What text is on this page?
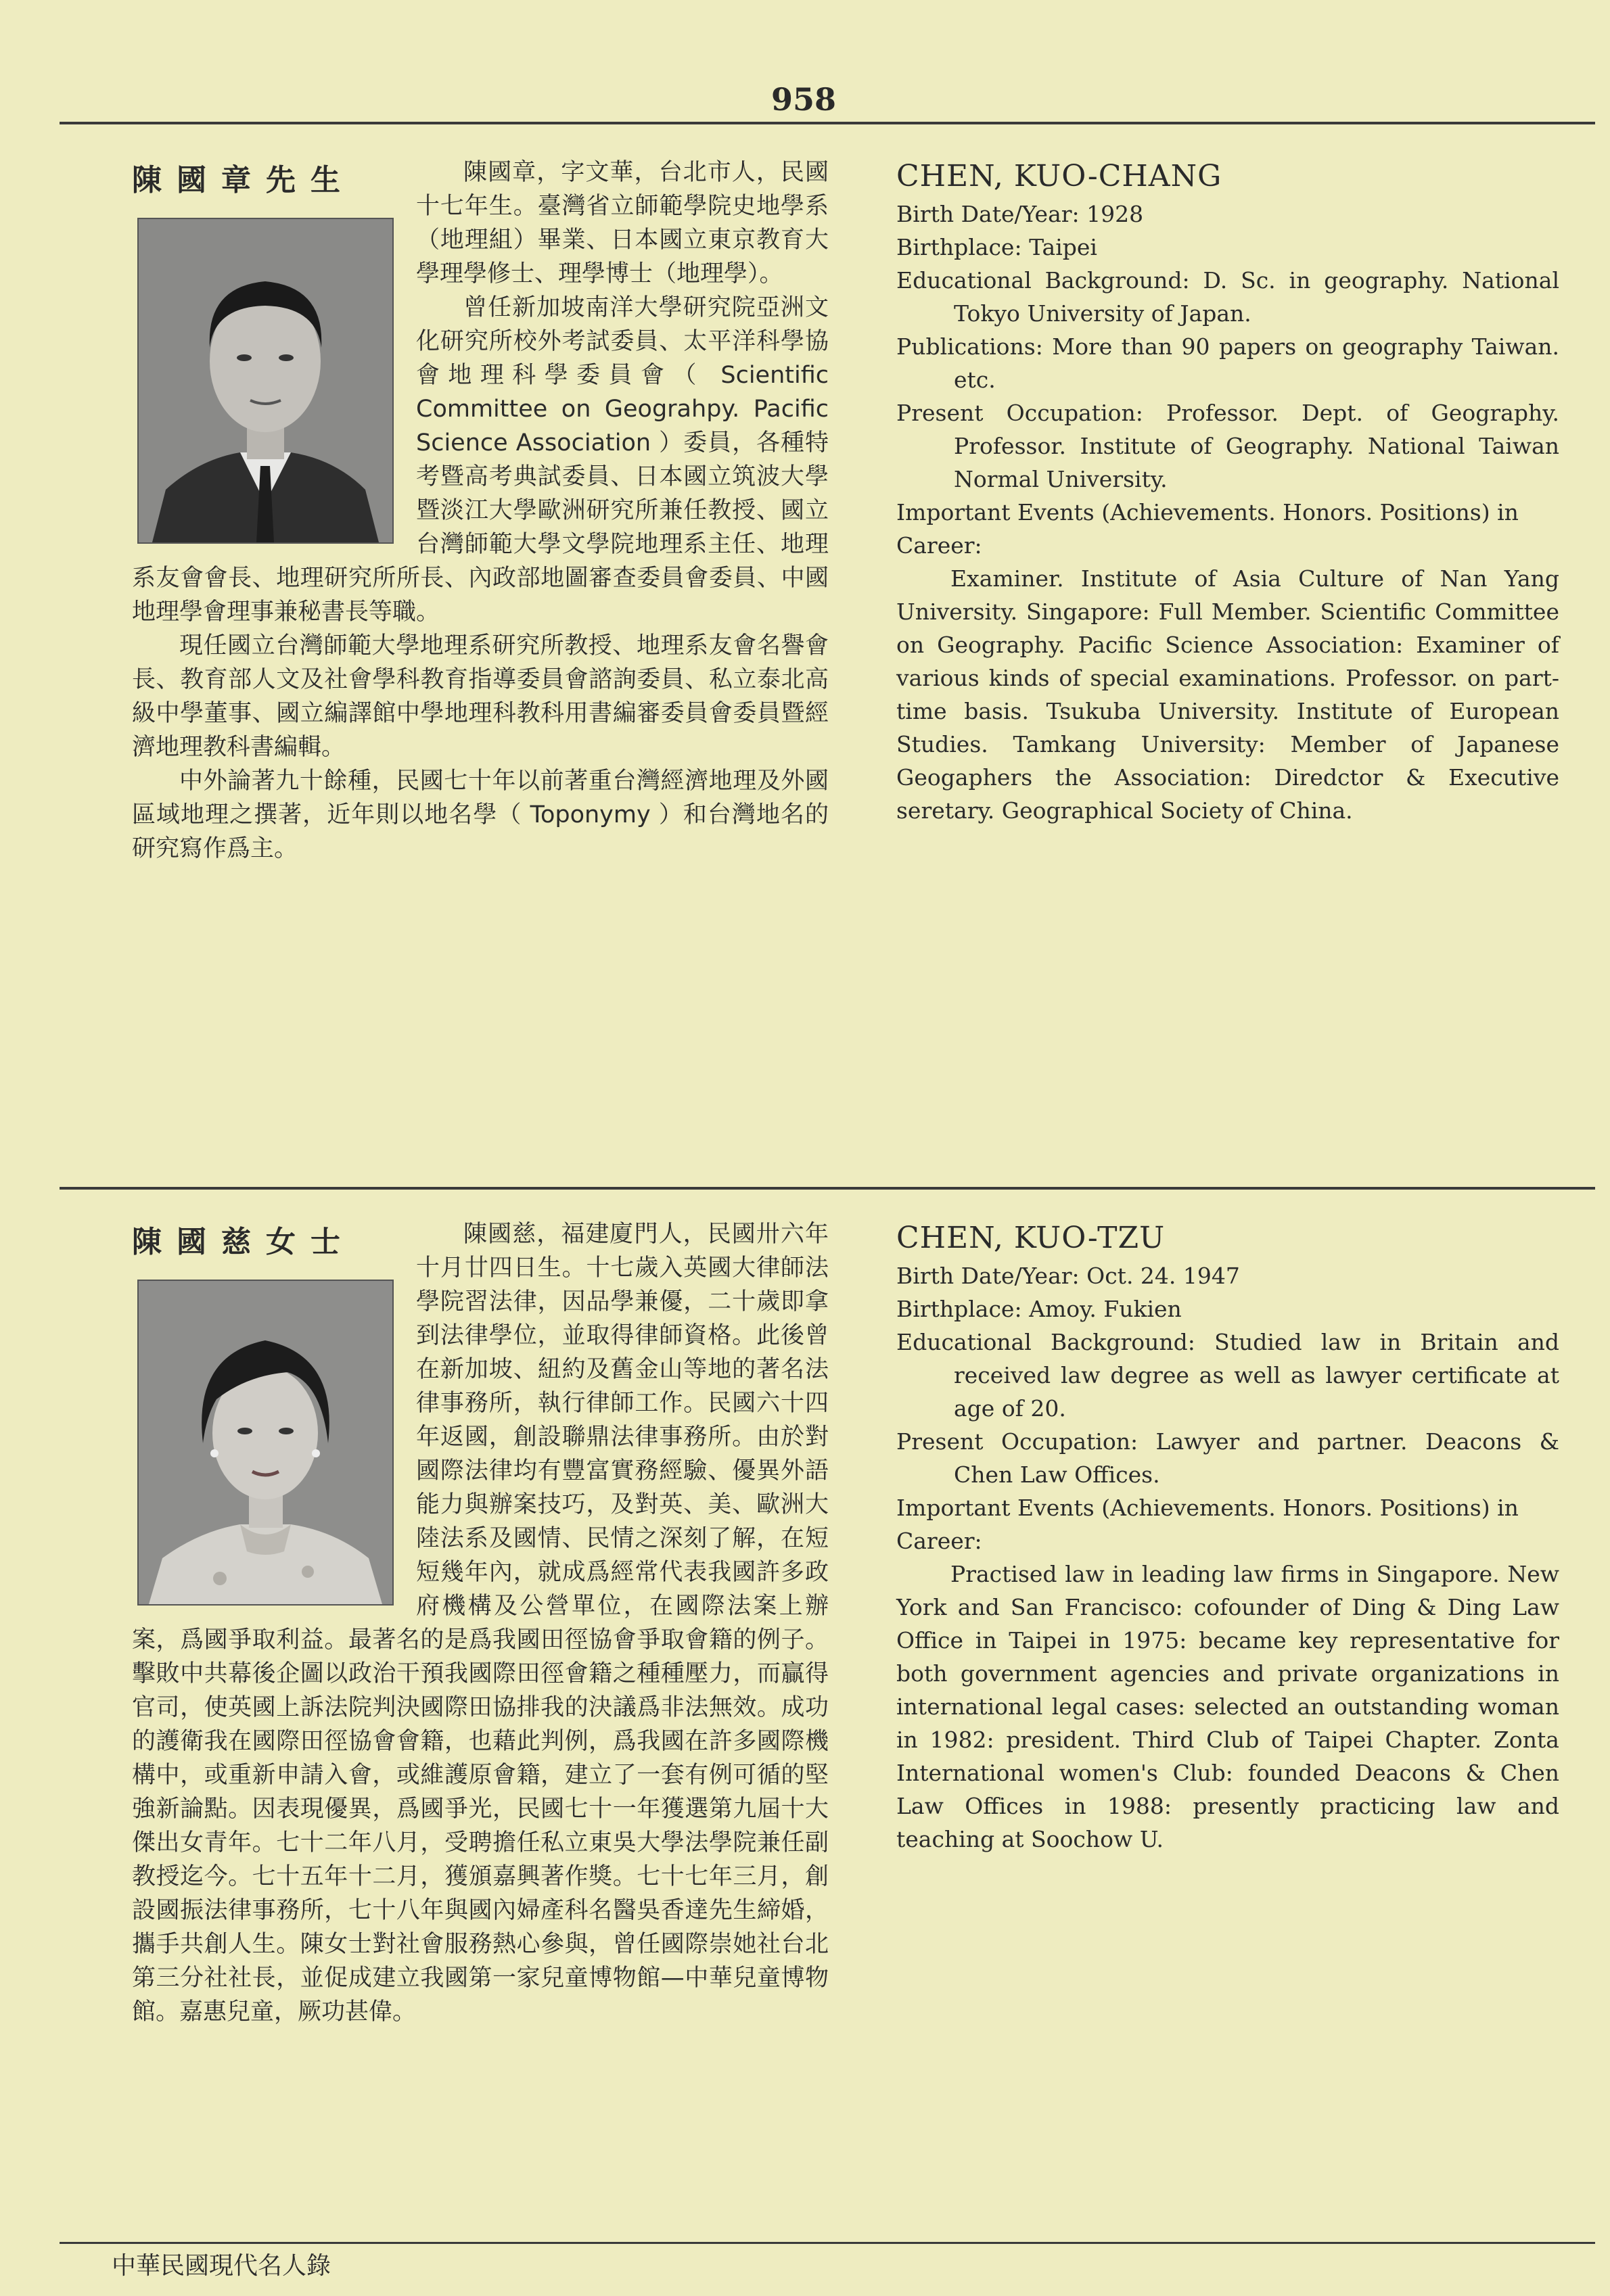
958
陳國章先生	陳國章，字文華，台北市人，民國十七年生。臺灣省立師範學院史地學系（地理組）畢業、日本國立東京教育大學理學修士、理學博士（地理學）。

曾任新加坡南洋大學研究院亞洲文化研究所校外考試委員、太平洋科學協會地理科學委員會（ Scientific Committee on Geograhpy. Pacific Science Association ）委員，各種特考暨高考典試委員、日本國立筑波大學暨淡江大學歐洲研究所兼任教授、國立台灣師範大學文學院地理系主任、地理系友會會長、地理研究所所長、內政部地圖審查委員會委員、中國地理學會理事兼秘書長等職。

現任國立台灣師範大學地理系研究所教授、地理系友會名譽會長、教育部人文及社會學科教育指導委員會諮詢委員、私立泰北高級中學董事、國立編譯館中學地理科教科用書編審委員會委員暨經濟地理教科書編輯。

中外論著九十餘種，民國七十年以前著重台灣經濟地理及外國區域地理之撰著，近年則以地名學（ Toponymy ）和台灣地名的研究寫作爲主。

CHEN, KUO-CHANG

Birth Date/Year: 1928

Birthplace: Taipei

Educational Background: D. Sc. in geography. National Tokyo University of Japan.

Publications: More than 90 papers on geography Taiwan. etc.

Present Occupation: Professor. Dept. of Geography. Professor. Institute of Geography. National Taiwan Normal University.

Important Events (Achievements. Honors. Positions) in Career:

Examiner. Institute of Asia Culture of Nan Yang University. Singapore: Full Member. Scientific Committee on Geography. Pacific Science Association: Examiner of various kinds of special examinations. Professor. on part-time basis. Tsukuba University. Institute of European Studies. Tamkang University: Member of Japanese Geogaphers the Association: Diredctor & Executive seretary. Geographical Society of China.

陳國慈女士	陳國慈，福建廈門人，民國卅六年十月廿四日生。十七歲入英國大律師法學院習法律，因品學兼優，二十歲即拿到法律學位，並取得律師資格。此後曾在新加坡、紐約及舊金山等地的著名法律事務所，執行律師工作。民國六十四年返國，創設聯鼎法律事務所。由於對國際法律均有豐富實務經驗、優異外語能力與辦案技巧，及對英、美、歐洲大陸法系及國情、民情之深刻了解，在短短幾年內，就成爲經常代表我國許多政府機構及公營單位，在國際法案上辦案，爲國爭取利益。最著名的是爲我國田徑協會爭取會籍的例子。擊敗中共幕後企圖以政治干預我國際田徑會籍之種種壓力，而贏得官司，使英國上訴法院判決國際田協排我的決議爲非法無效。成功的護衛我在國際田徑協會會籍，也藉此判例，爲我國在許多國際機構中，或重新申請入會，或維護原會籍，建立了一套有例可循的堅強新論點。因表現優異，爲國爭光，民國七十一年獲選第九屆十大傑出女青年。七十二年八月，受聘擔任私立東吳大學法學院兼任副教授迄今。七十五年十二月，獲頒嘉興著作獎。七十七年三月，創設國振法律事務所，七十八年與國內婦產科名醫吳香達先生締婚，攜手共創人生。陳女士對社會服務熱心參與，曾任國際崇她社台北第三分社社長，並促成建立我國第一家兒童博物館—中華兒童博物館。嘉惠兒童，厥功甚偉。

CHEN, KUO-TZU

Birth Date/Year: Oct. 24. 1947

Birthplace: Amoy. Fukien

Educational Background: Studied law in Britain and received law degree as well as lawyer certificate at age of 20.

Present Occupation: Lawyer and partner. Deacons & Chen Law Offices.

Important Events (Achievements. Honors. Positions) in Career:

Practised law in leading law firms in Singapore. New York and San Francisco: cofounder of Ding & Ding Law Office in Taipei in 1975: became key representative for both government agencies and private organizations in international legal cases: selected an outstanding woman in 1982: president. Third Club of Taipei Chapter. Zonta International women's Club: founded Deacons & Chen Law Offices in 1988: presently practicing law and teaching at Soochow U.

中華民國現代名人錄
